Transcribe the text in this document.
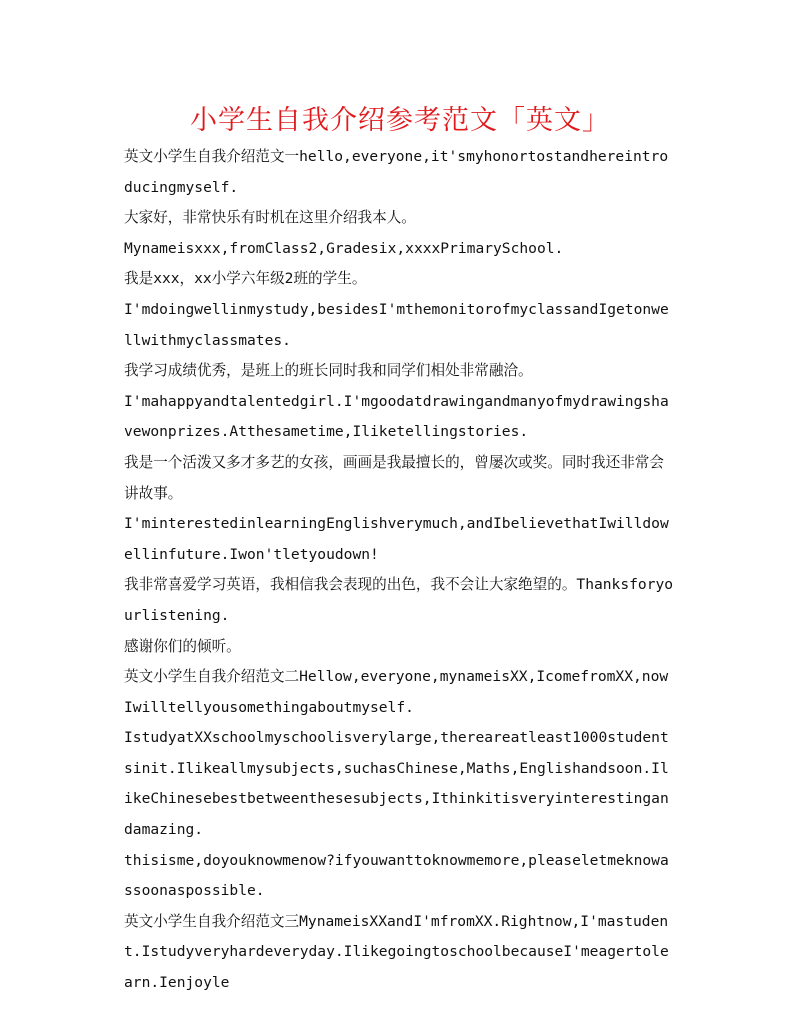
小学生自我介绍参考范文「英文」

英文小学生自我介绍范文一hello,everyone,it'smyhonortostandhereintroducingmyself.

大家好，非常快乐有时机在这里介绍我本人。

Mynameisxxx,fromClass2,Gradesix,xxxxPrimarySchool.

我是xxx，xx小学六年级2班的学生。

I'mdoingwellinmystudy,besidesI'mthemonitorofmyclassandIgetonwellwithmyclassmates.

我学习成绩优秀，是班上的班长同时我和同学们相处非常融洽。

I'mahappyandtalentedgirl.I'mgoodatdrawingandmanyofmydrawingshavewonprizes.Atthesametime,Iliketellingstories.

我是一个活泼又多才多艺的女孩，画画是我最擅长的，曾屡次或奖。同时我还非常会讲故事。

I'minterestedinlearningEnglishverymuch,andIbelievethatIwilldowellinfuture.Iwon'tletyoudown!

我非常喜爱学习英语，我相信我会表现的出色，我不会让大家绝望的。Thanksforyourlistening.

感谢你们的倾听。

英文小学生自我介绍范文二Hellow,everyone,mynameisXX,IcomefromXX,nowIwilltellyousomethingaboutmyself.

IstudyatXXschoolmyschoolisverylarge,thereareatleast1000studentsinit.Ilikeallmysubjects,suchasChinese,Maths,Englishandsoon.IlikeChinesebestbetweenthesesubjects,Ithinkitisveryinterestingandamazing.

thisisme,doyouknowmenow?ifyouwanttoknowmemore,pleaseletmeknowassoonaspossible.

英文小学生自我介绍范文三MynameisXXandI'mfromXX.Rightnow,I'mastudent.Istudyveryhardeveryday.IlikegoingtoschoolbecauseI'meagertolearn.Ienjoyle
